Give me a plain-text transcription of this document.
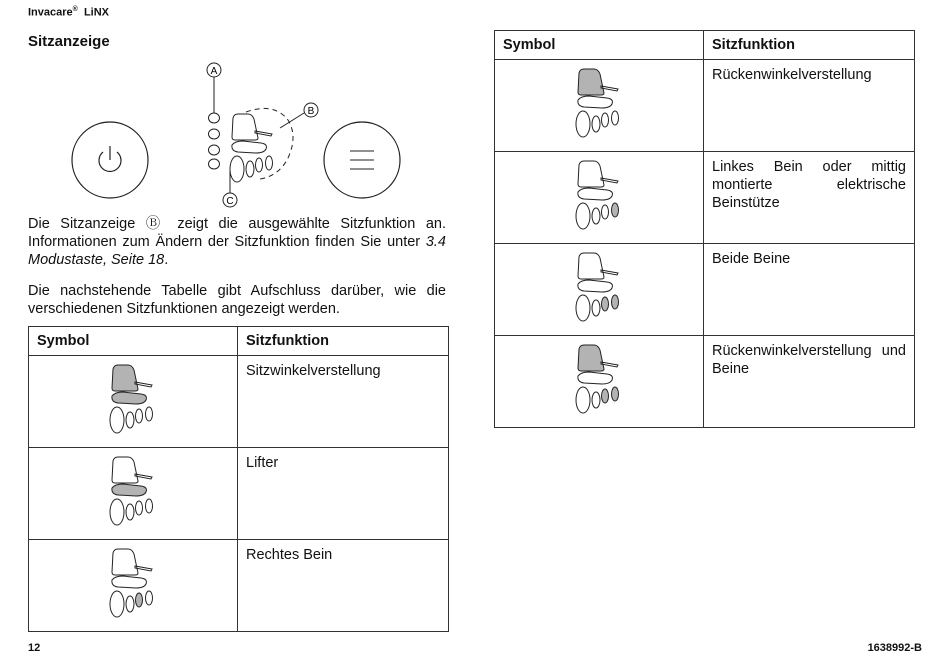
Invacare® LiNX
Sitzanzeige
A
B
C
Die Sitzanzeige Ⓑ zeigt die ausgewählte Sitzfunktion an. Informationen zum Ändern der Sitzfunktion finden Sie unter 3.4 Modustaste, Seite 18.
Die nachstehende Tabelle gibt Aufschluss darüber, wie die verschiedenen Sitzfunktionen angezeigt werden.
Symbol	Sitzfunktion
	Sitzwinkelverstellung
	Lifter
	Rechtes Bein
Symbol	Sitzfunktion
	Rückenwinkelverstellung
	Linkes Bein oder mittig montierte elektrische Beinstütze
	Beide Beine
	Rückenwinkelverstellung und Beine
12	1638992-B
